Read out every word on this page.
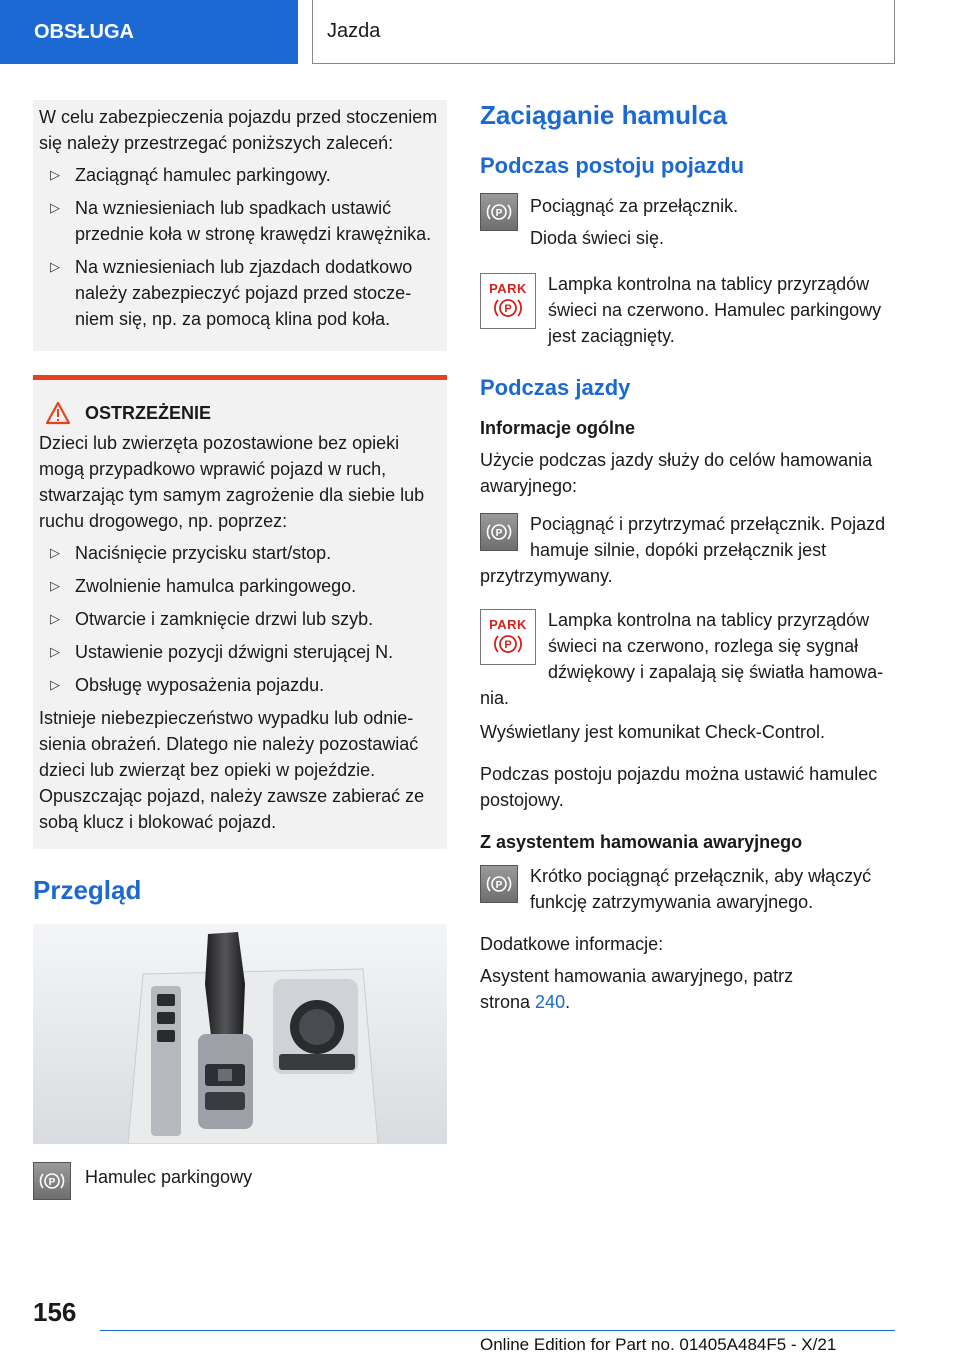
OBSŁUGA	Jazda

W celu zabezpieczenia pojazdu przed stoczeniem się należy przestrzegać poniższych zaleceń:

▷ Zaciągnąć hamulec parkingowy.
▷ Na wzniesieniach lub spadkach ustawić przednie koła w stronę krawędzi krawężnika.
▷ Na wzniesieniach lub zjazdach dodatkowo należy zabezpieczyć pojazd przed stoczeniem się, np. za pomocą klina pod koła.
OSTRZEŻENIE

Dzieci lub zwierzęta pozostawione bez opieki mogą przypadkowo wprawić pojazd w ruch, stwarzając tym samym zagrożenie dla siebie lub ruchu drogowego, np. poprzez:

▷ Naciśnięcie przycisku start/stop.
▷ Zwolnienie hamulca parkingowego.
▷ Otwarcie i zamknięcie drzwi lub szyb.
▷ Ustawienie pozycji dźwigni sterującej N.
▷ Obsługę wyposażenia pojazdu.

Istnieje niebezpieczeństwo wypadku lub odniesienia obrażeń. Dlatego nie należy pozostawiać dzieci lub zwierząt bez opieki w pojeździe. Opuszczając pojazd, należy zawsze zabierać ze sobą klucz i blokować pojazd.

Przegląd
P Hamulec parkingowy
Zaciąganie hamulca
Podczas postoju pojazdu
P Pociągnąć za przełącznik.

Dioda świeci się.

PARK
P
Lampka kontrolna na tablicy przyrządów świeci na czerwono. Hamulec parkingowy jest zaciągnięty.
Podczas jazdy

Informacje ogólne

Użycie podczas jazdy służy do celów hamowania awaryjnego:

P Pociągnąć i przytrzymać przełącznik. Pojazd hamuje silnie, dopóki przełącznik jest przytrzymywany.
PARK
P
Lampka kontrolna na tablicy przyrządów świeci na czerwono, rozlega się sygnał dźwiękowy i zapalają się światła hamowania.

Wyświetlany jest komunikat Check-Control.

Podczas postoju pojazdu można ustawić hamulec postojowy.

Z asystentem hamowania awaryjnego

P Krótko pociągnąć przełącznik, aby włączyć funkcję zatrzymywania awaryjnego.

Dodatkowe informacje:

Asystent hamowania awaryjnego, patrz strona 240.

156
Online Edition for Part no. 01405A484F5 - X/21
